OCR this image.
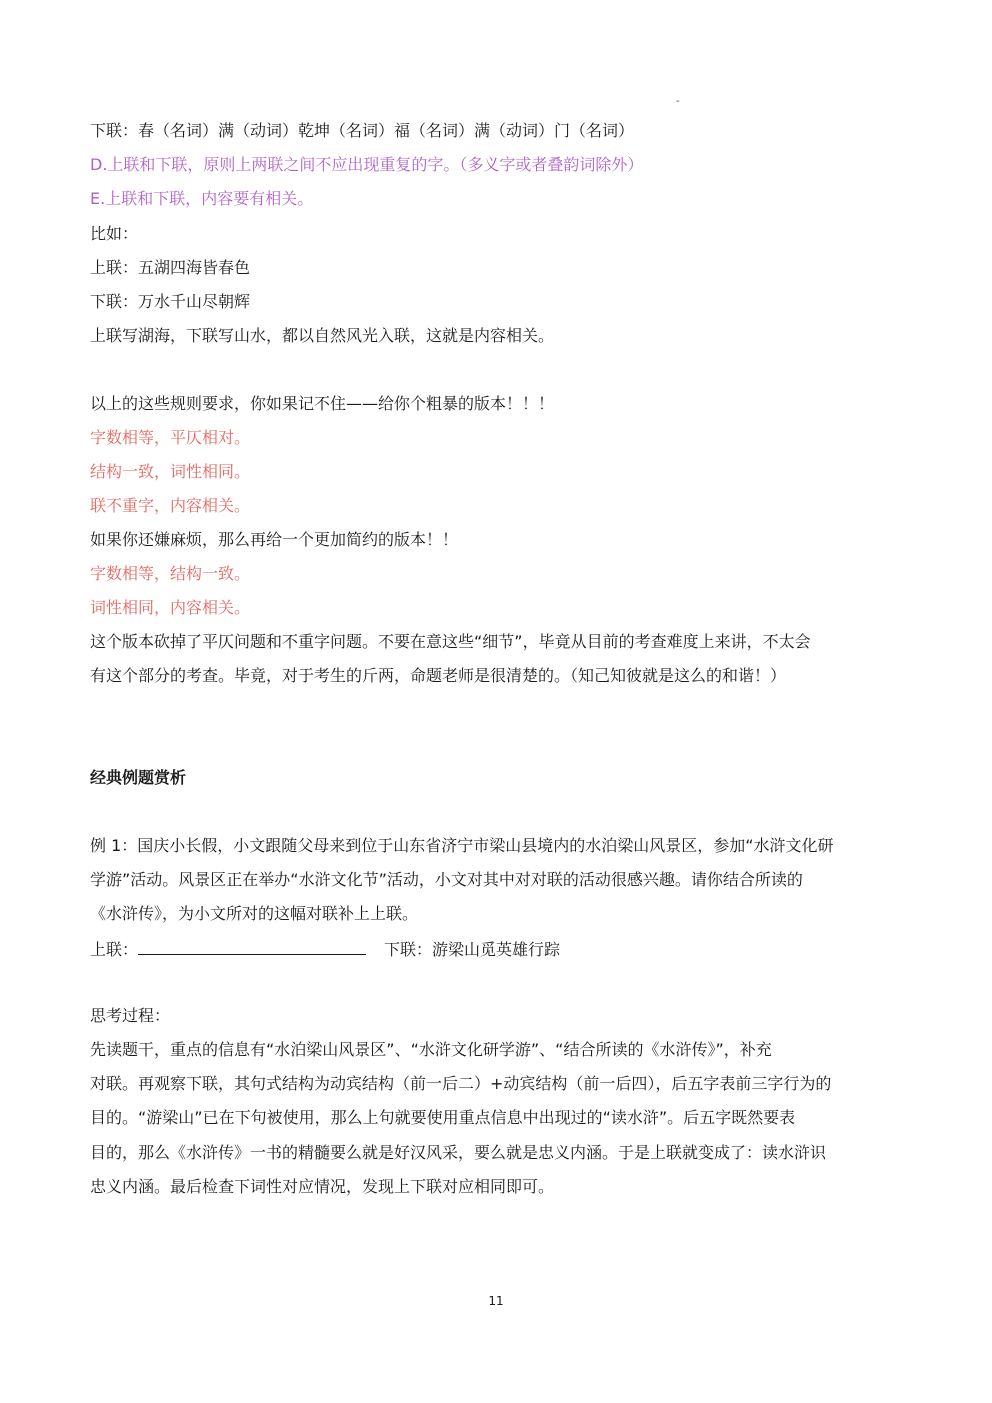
-
下联：春（名词）满（动词）乾坤（名词）福（名词）满（动词）门（名词）
D.上联和下联，原则上两联之间不应出现重复的字。（多义字或者叠韵词除外）
E.上联和下联，内容要有相关。
比如：
上联：五湖四海皆春色
下联：万水千山尽朝辉
上联写湖海，下联写山水，都以自然风光入联，这就是内容相关。
以上的这些规则要求，你如果记不住——给你个粗暴的版本！！！
字数相等，平仄相对。
结构一致，词性相同。
联不重字，内容相关。
如果你还嫌麻烦，那么再给一个更加简约的版本！！
字数相等，结构一致。
词性相同，内容相关。
这个版本砍掉了平仄问题和不重字问题。不要在意这些“细节”，毕竟从目前的考查难度上来讲，不太会
有这个部分的考查。毕竟，对于考生的斤两，命题老师是很清楚的。（知己知彼就是这么的和谐！）
经典例题赏析
例 1：国庆小长假，小文跟随父母来到位于山东省济宁市梁山县境内的水泊梁山风景区，参加“水浒文化研
学游”活动。风景区正在举办“水浒文化节”活动，小文对其中对对联的活动很感兴趣。请你结合所读的
《水浒传》，为小文所对的这幅对联补上上联。
上联：	下联：游梁山觅英雄行踪
思考过程：
先读题干，重点的信息有“水泊梁山风景区”、“水浒文化研学游”、“结合所读的《水浒传》”，补充
对联。再观察下联，其句式结构为动宾结构（前一后二）+动宾结构（前一后四），后五字表前三字行为的
目的。“游梁山”已在下句被使用，那么上句就要使用重点信息中出现过的“读水浒”。后五字既然要表
目的，那么《水浒传》一书的精髓要么就是好汉风采，要么就是忠义内涵。于是上联就变成了：读水浒识
忠义内涵。最后检查下词性对应情况，发现上下联对应相同即可。
11
